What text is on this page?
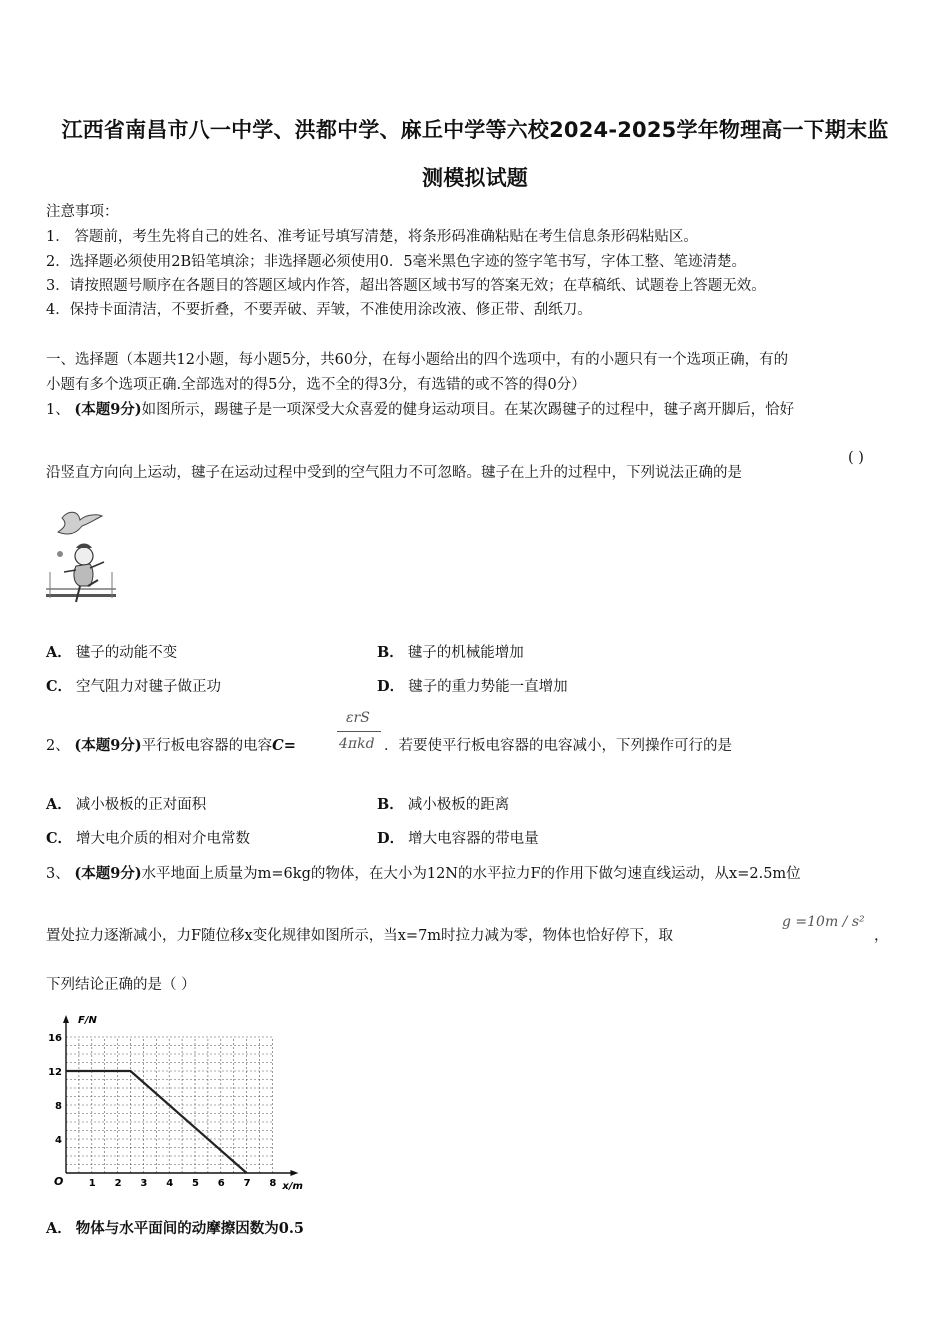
江西省南昌市八一中学、洪都中学、麻丘中学等六校2024-2025学年物理高一下期末监
测模拟试题
注意事项：
1． 答题前，考生先将自己的姓名、准考证号填写清楚，将条形码准确粘贴在考生信息条形码粘贴区。
2．选择题必须使用2B铅笔填涂；非选择题必须使用0．5毫米黑色字迹的签字笔书写，字体工整、笔迹清楚。
3．请按照题号顺序在各题目的答题区域内作答，超出答题区域书写的答案无效；在草稿纸、试题卷上答题无效。
4．保持卡面清洁，不要折叠，不要弄破、弄皱，不准使用涂改液、修正带、刮纸刀。
一、选择题（本题共12小题，每小题5分，共60分，在每小题给出的四个选项中，有的小题只有一个选项正确，有的
小题有多个选项正确.全部选对的得5分，选不全的得3分，有选错的或不答的得0分）
1、 (本题9分)如图所示，踢毽子是一项深受大众喜爱的健身运动项目。在某次踢毽子的过程中，毽子离开脚后，恰好
沿竖直方向向上运动，毽子在运动过程中受到的空气阻力不可忽略。毽子在上升的过程中，下列说法正确的是
( )
A． 毽子的动能不变	B． 毽子的机械能增加
C． 空气阻力对毽子做正功	D． 毽子的重力势能一直增加
2、 (本题9分)平行板电容器的电容C=
εrS
4πkd ．若要使平行板电容器的电容减小，下列操作可行的是
A． 减小极板的正对面积	B． 减小极板的距离
C． 增大电介质的相对介电常数	D． 增大电容器的带电量
3、 (本题9分)水平地面上质量为m=6kg的物体，在大小为12N的水平拉力F的作用下做匀速直线运动，从x=2.5m位
置处拉力逐渐减小，力F随位移x变化规律如图所示，当x=7m时拉力减为零，物体也恰好停下，取
g =10m / s²
，
下列结论正确的是（ ）
F/N
x/m
O	1 2 3 4 5 6 7 8
4
8
12
16
A． 物体与水平面间的动摩擦因数为0.5
